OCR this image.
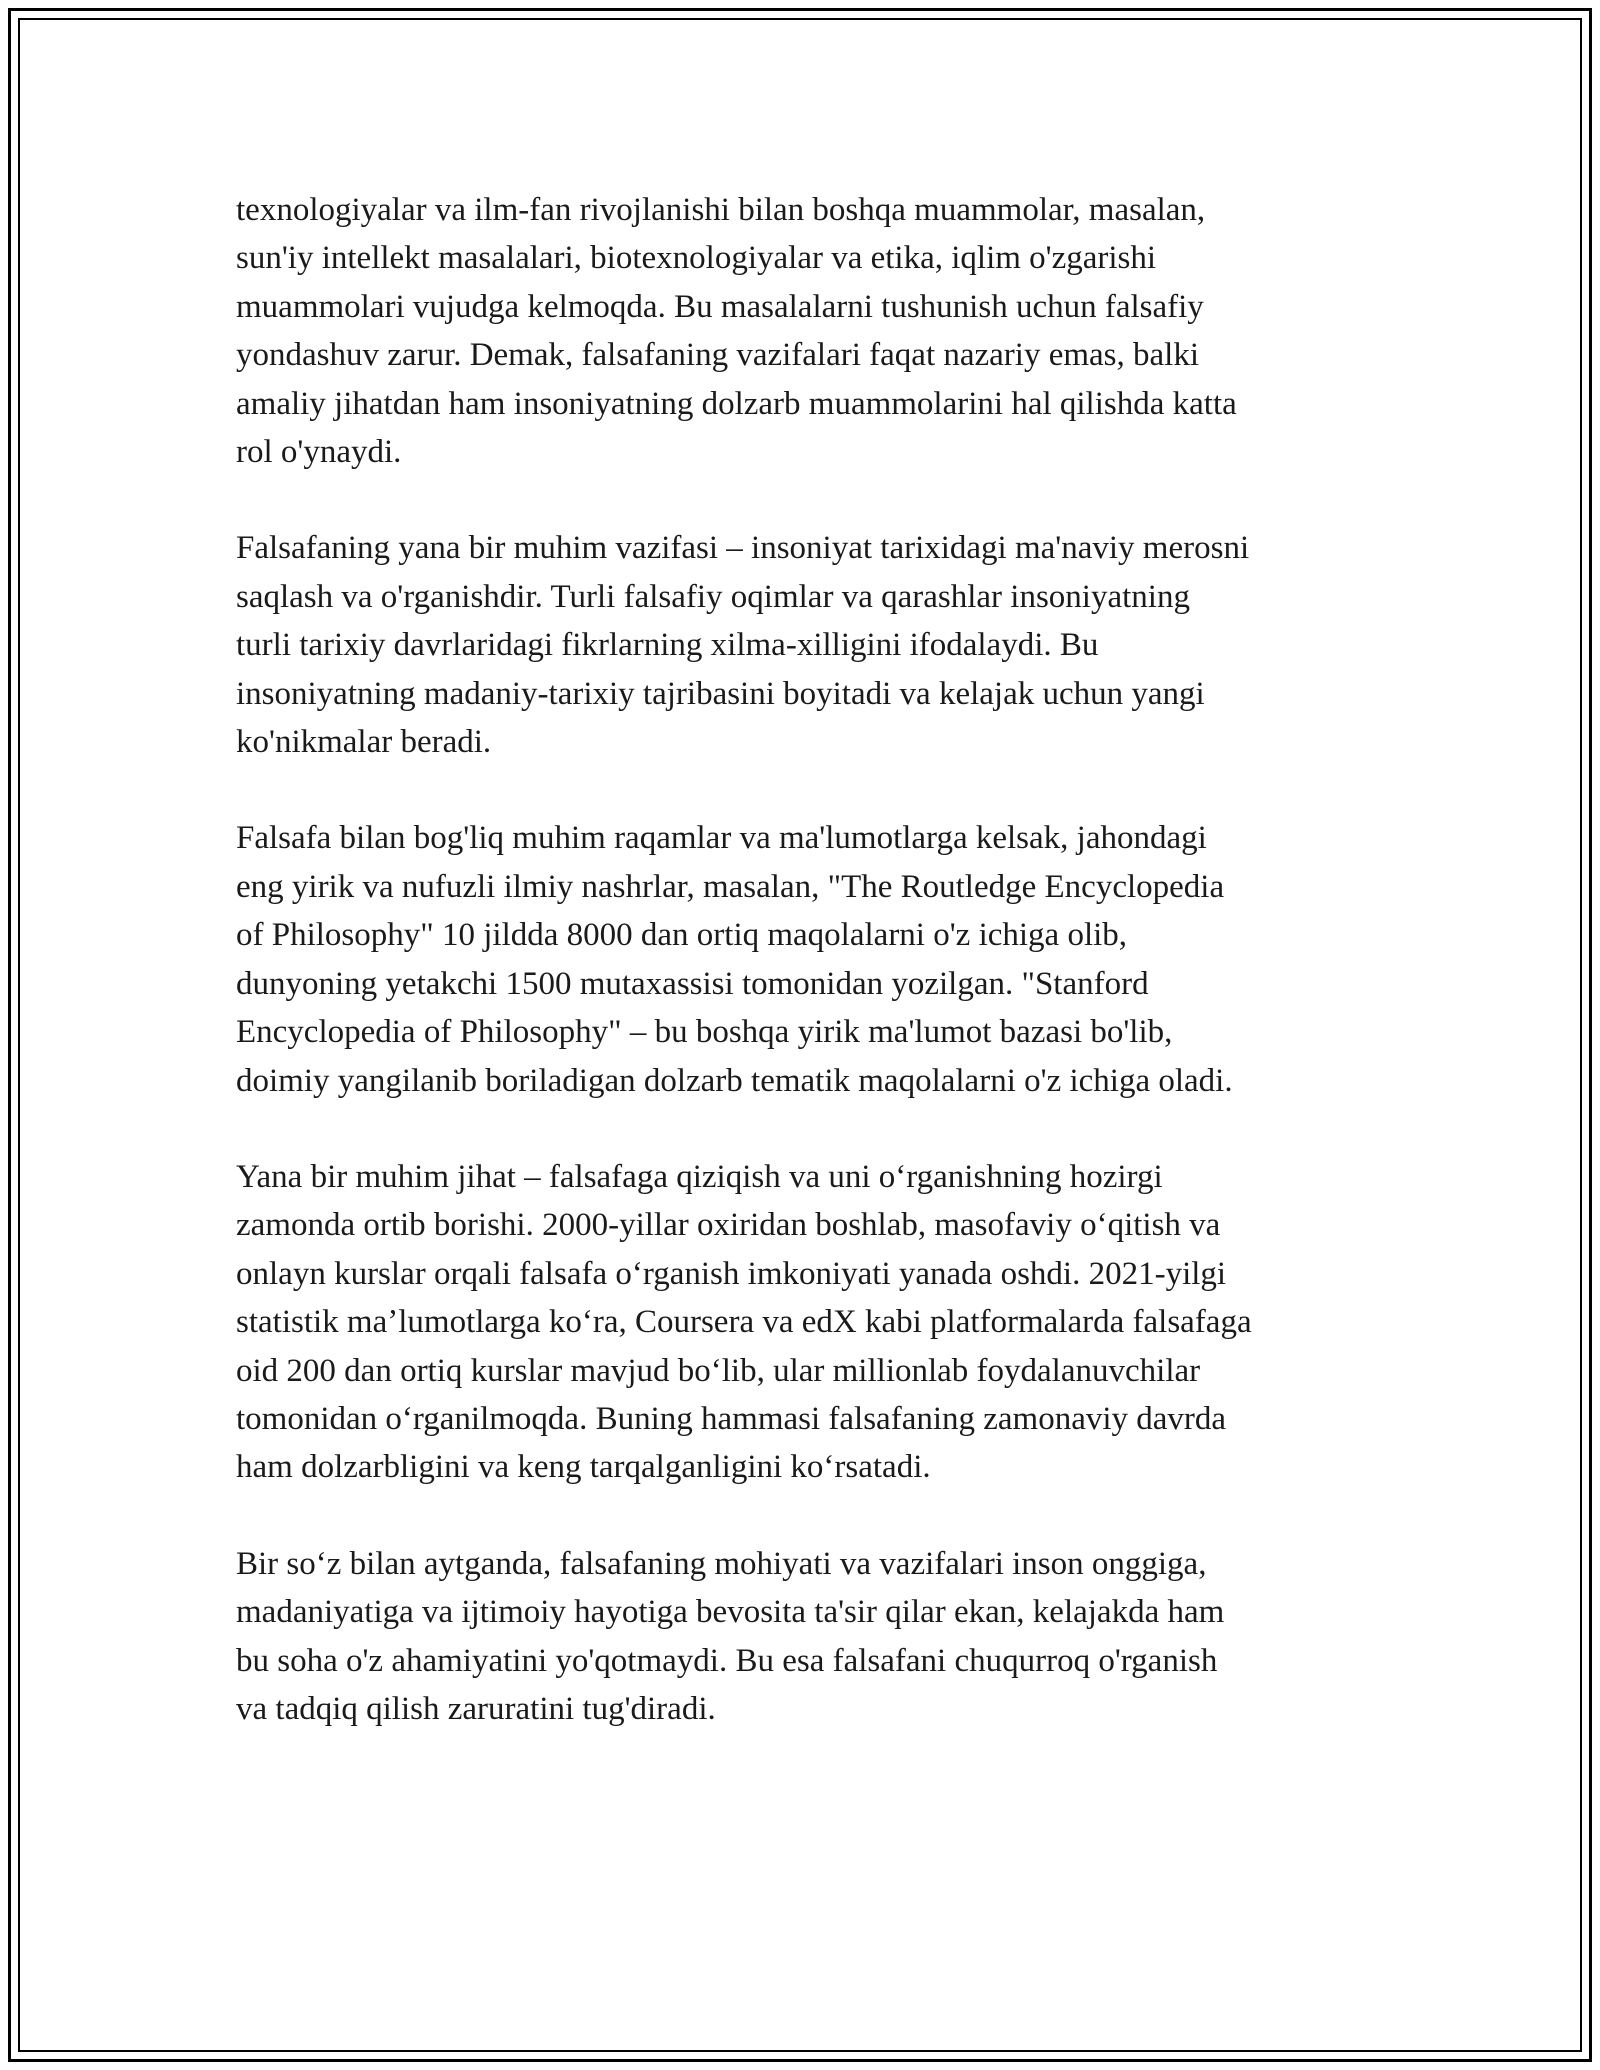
texnologiyalar va ilm-fan rivojlanishi bilan boshqa muammolar, masalan,
sun'iy intellekt masalalari, biotexnologiyalar va etika, iqlim o'zgarishi
muammolari vujudga kelmoqda. Bu masalalarni tushunish uchun falsafiy
yondashuv zarur. Demak, falsafaning vazifalari faqat nazariy emas, balki
amaliy jihatdan ham insoniyatning dolzarb muammolarini hal qilishda katta
rol o'ynaydi.

Falsafaning yana bir muhim vazifasi – insoniyat tarixidagi ma'naviy merosni
saqlash va o'rganishdir. Turli falsafiy oqimlar va qarashlar insoniyatning
turli tarixiy davrlaridagi fikrlarning xilma-xilligini ifodalaydi. Bu
insoniyatning madaniy-tarixiy tajribasini boyitadi va kelajak uchun yangi
ko'nikmalar beradi.

Falsafa bilan bog'liq muhim raqamlar va ma'lumotlarga kelsak, jahondagi
eng yirik va nufuzli ilmiy nashrlar, masalan, "The Routledge Encyclopedia
of Philosophy" 10 jildda 8000 dan ortiq maqolalarni o'z ichiga olib,
dunyoning yetakchi 1500 mutaxassisi tomonidan yozilgan. "Stanford
Encyclopedia of Philosophy" – bu boshqa yirik ma'lumot bazasi bo'lib,
doimiy yangilanib boriladigan dolzarb tematik maqolalarni o'z ichiga oladi.

Yana bir muhim jihat – falsafaga qiziqish va uni oʻrganishning hozirgi
zamonda ortib borishi. 2000-yillar oxiridan boshlab, masofaviy oʻqitish va
onlayn kurslar orqali falsafa oʻrganish imkoniyati yanada oshdi. 2021-yilgi
statistik maʼlumotlarga koʻra, Coursera va edX kabi platformalarda falsafaga
oid 200 dan ortiq kurslar mavjud boʻlib, ular millionlab foydalanuvchilar
tomonidan oʻrganilmoqda. Buning hammasi falsafaning zamonaviy davrda
ham dolzarbligini va keng tarqalganligini koʻrsatadi.

Bir soʻz bilan aytganda, falsafaning mohiyati va vazifalari inson onggiga,
madaniyatiga va ijtimoiy hayotiga bevosita ta'sir qilar ekan, kelajakda ham
bu soha o'z ahamiyatini yo'qotmaydi. Bu esa falsafani chuqurroq o'rganish
va tadqiq qilish zaruratini tug'diradi.
